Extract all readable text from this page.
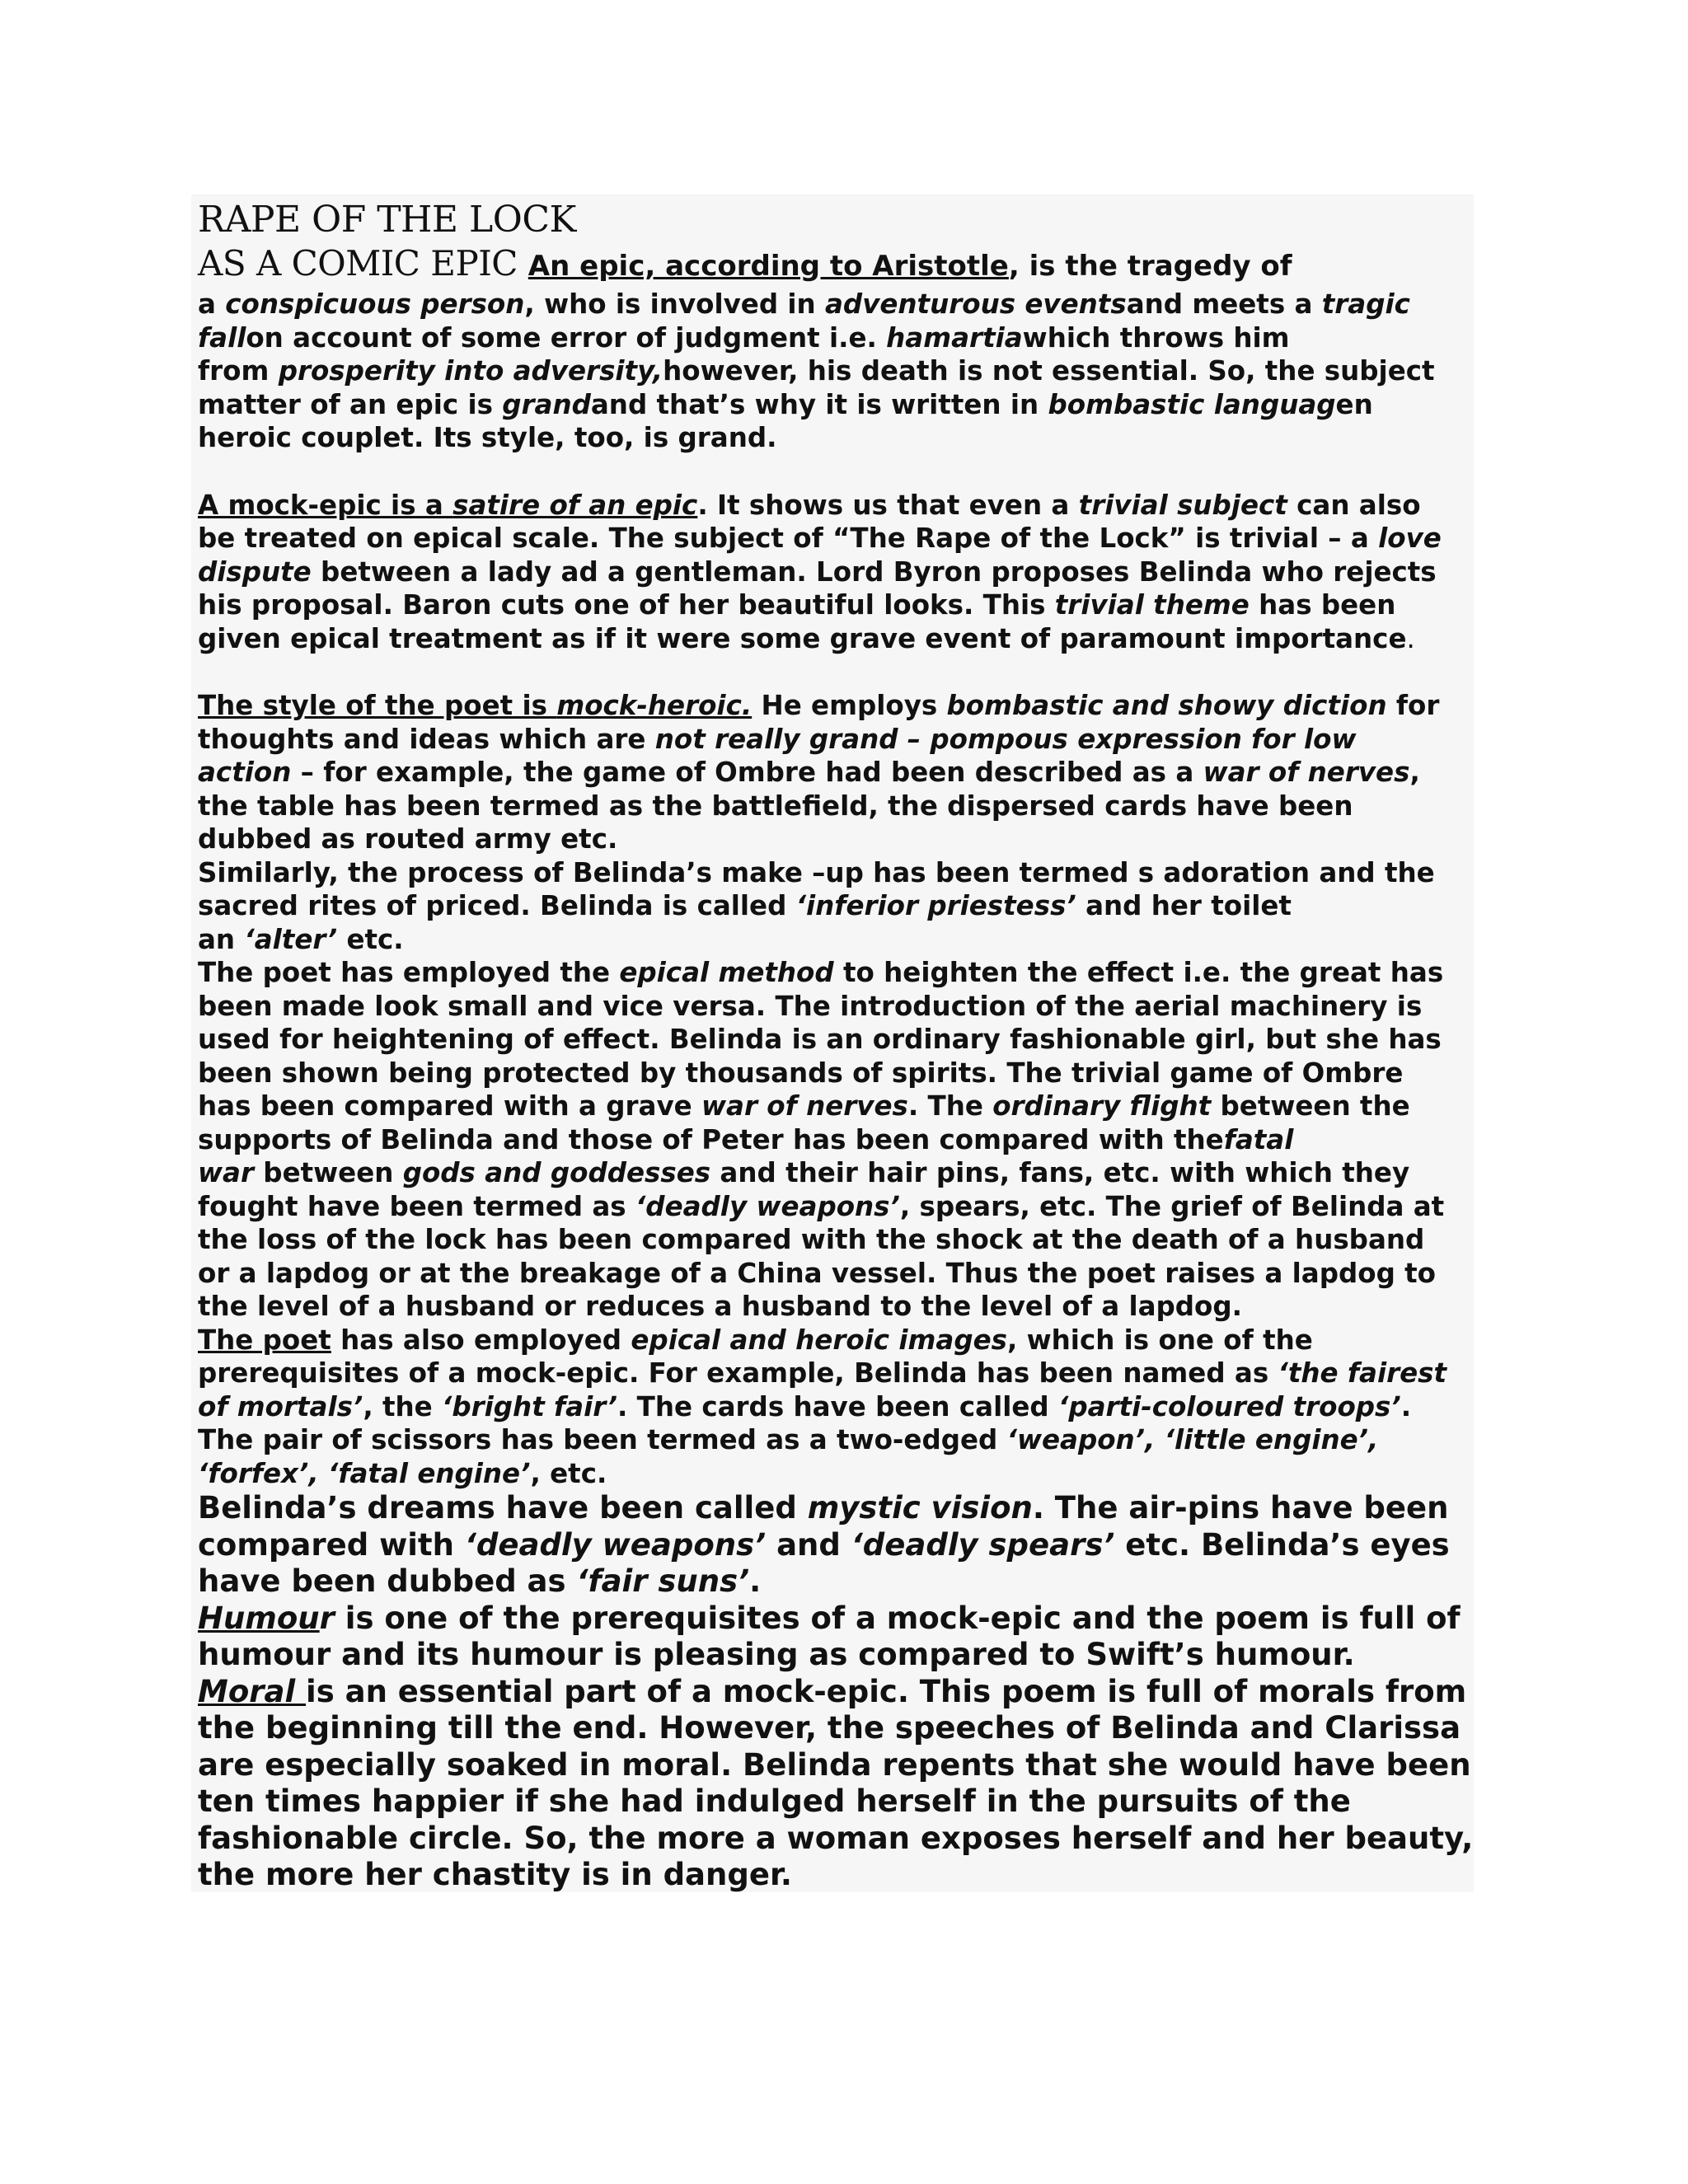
RAPE OF THE LOCK
AS A COMIC EPIC An epic, according to Aristotle, is the tragedy of

a conspicuous person, who is involved in adventurous eventsand meets a tragic

fallon account of some error of judgment i.e. hamartiawhich throws him

from prosperity into adversity,however, his death is not essential. So, the subject

matter of an epic is grandand that’s why it is written in bombastic languagen

heroic couplet. Its style, too, is grand.

A mock-epic is a satire of an epic. It shows us that even a trivial subject can also

be treated on epical scale. The subject of “The Rape of the Lock” is trivial – a love

dispute between a lady ad a gentleman. Lord Byron proposes Belinda who rejects

his proposal. Baron cuts one of her beautiful looks. This trivial theme has been

given epical treatment as if it were some grave event of paramount importance.

The style of the poet is mock-heroic. He employs bombastic and showy diction for

thoughts and ideas which are not really grand – pompous expression for low

action – for example, the game of Ombre had been described as a war of nerves,

the table has been termed as the battlefield, the dispersed cards have been

dubbed as routed army etc.

Similarly, the process of Belinda’s make –up has been termed s adoration and the

sacred rites of priced. Belinda is called ‘inferior priestess’ and her toilet

an ‘alter’ etc.

The poet has employed the epical method to heighten the effect i.e. the great has

been made look small and vice versa. The introduction of the aerial machinery is

used for heightening of effect. Belinda is an ordinary fashionable girl, but she has

been shown being protected by thousands of spirits. The trivial game of Ombre

has been compared with a grave war of nerves. The ordinary flight between the

supports of Belinda and those of Peter has been compared with thefatal

war between gods and goddesses and their hair pins, fans, etc. with which they

fought have been termed as ‘deadly weapons’, spears, etc. The grief of Belinda at

the loss of the lock has been compared with the shock at the death of a husband

or a lapdog or at the breakage of a China vessel. Thus the poet raises a lapdog to

the level of a husband or reduces a husband to the level of a lapdog.

The poet has also employed epical and heroic images, which is one of the

prerequisites of a mock-epic. For example, Belinda has been named as ‘the fairest

of mortals’, the ‘bright fair’. The cards have been called ‘parti-coloured troops’.

The pair of scissors has been termed as a two-edged ‘weapon’, ‘little engine’,

‘forfex’, ‘fatal engine’, etc.

Belinda’s dreams have been called mystic vision. The air-pins have been

compared with ‘deadly weapons’ and ‘deadly spears’ etc. Belinda’s eyes

have been dubbed as ‘fair suns’.

Humour is one of the prerequisites of a mock-epic and the poem is full of

humour and its humour is pleasing as compared to Swift’s humour.

Moral is an essential part of a mock-epic. This poem is full of morals from

the beginning till the end. However, the speeches of Belinda and Clarissa

are especially soaked in moral. Belinda repents that she would have been

ten times happier if she had indulged herself in the pursuits of the

fashionable circle. So, the more a woman exposes herself and her beauty,

the more her chastity is in danger.
